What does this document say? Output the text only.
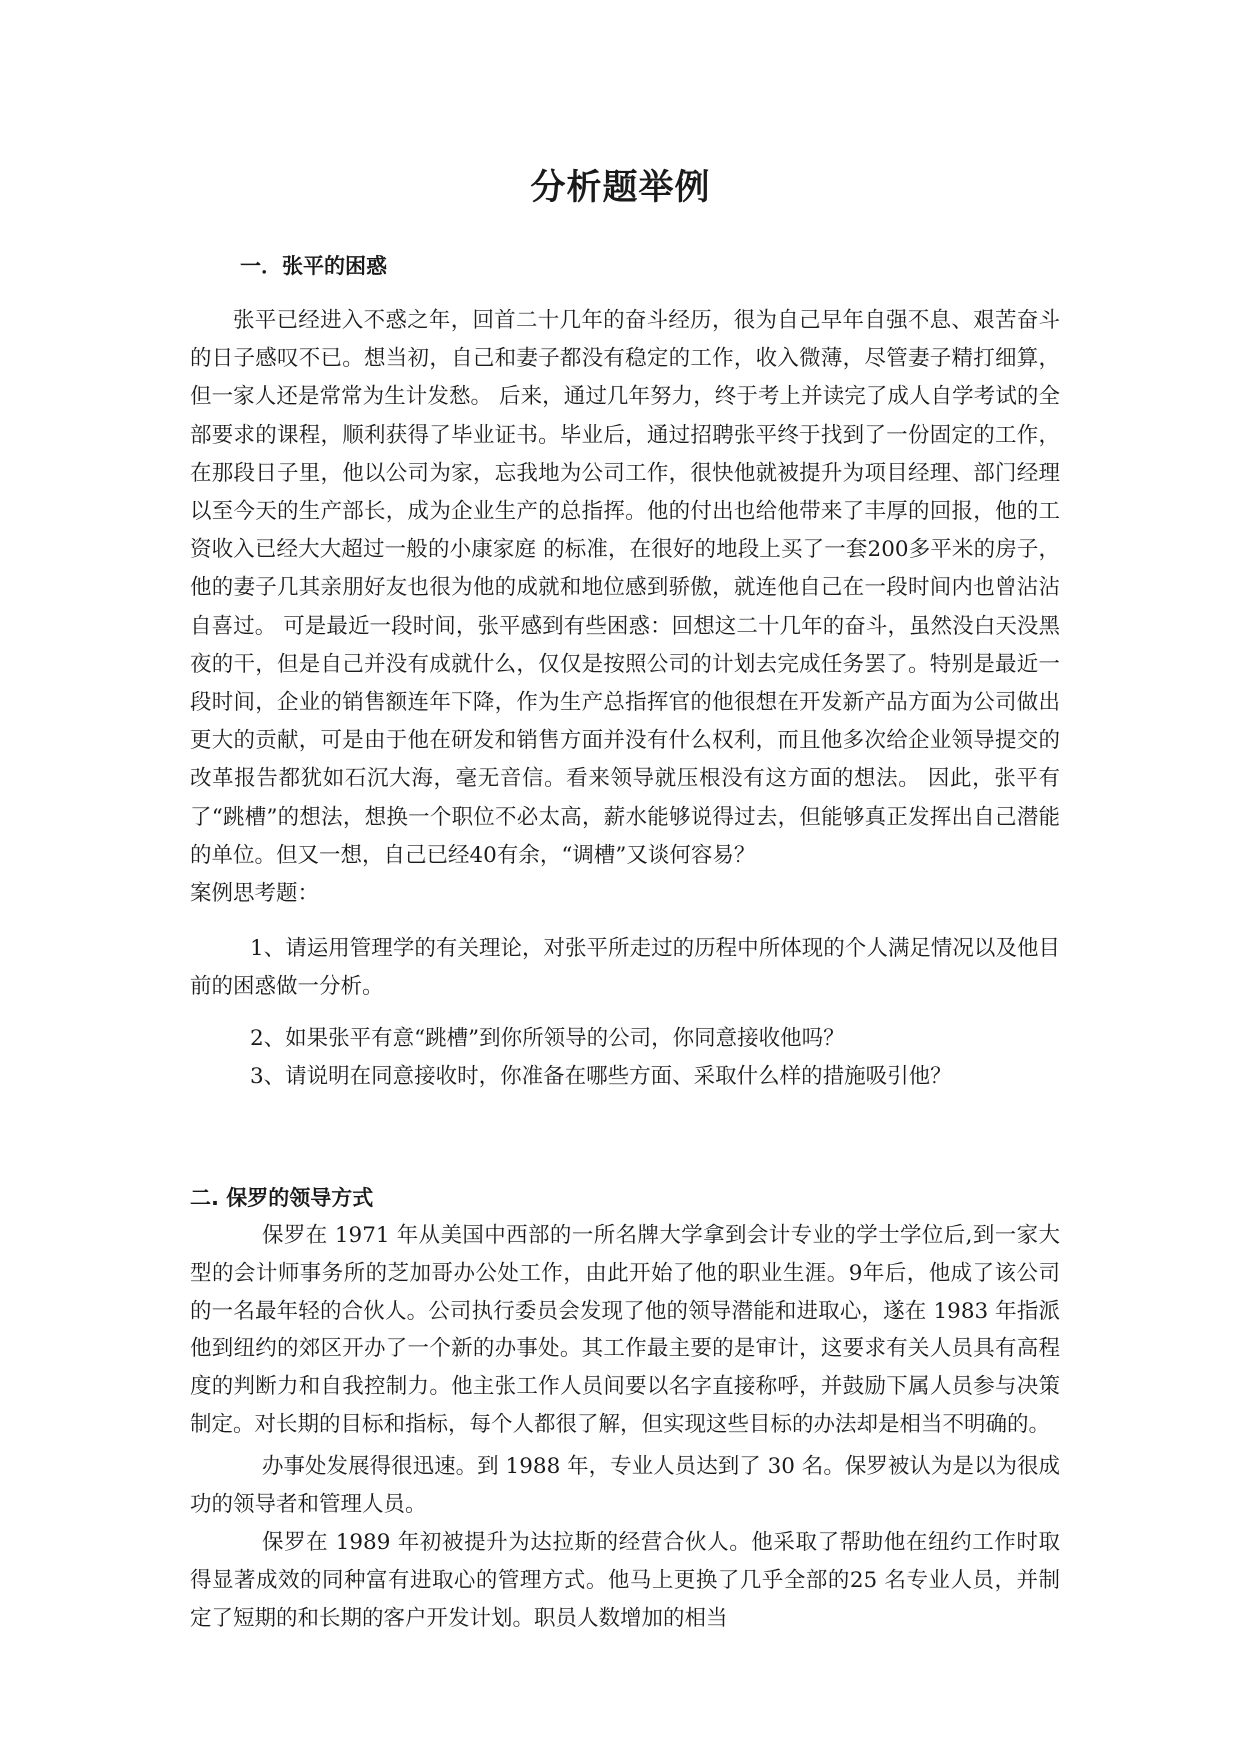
分析题举例
一．张平的困惑

张平已经进入不惑之年，回首二十几年的奋斗经历，很为自己早年自强不息、艰苦奋斗的日子感叹不已。想当初，自己和妻子都没有稳定的工作，收入微薄，尽管妻子精打细算，但一家人还是常常为生计发愁。 后来，通过几年努力，终于考上并读完了成人自学考试的全部要求的课程，顺利获得了毕业证书。毕业后，通过招聘张平终于找到了一份固定的工作，在那段日子里，他以公司为家，忘我地为公司工作，很快他就被提升为项目经理、部门经理以至今天的生产部长，成为企业生产的总指挥。他的付出也给他带来了丰厚的回报，他的工资收入已经大大超过一般的小康家庭 的标准，在很好的地段上买了一套200多平米的房子，他的妻子几其亲朋好友也很为他的成就和地位感到骄傲，就连他自己在一段时间内也曾沾沾自喜过。 可是最近一段时间，张平感到有些困惑：回想这二十几年的奋斗，虽然没白天没黑夜的干，但是自己并没有成就什么，仅仅是按照公司的计划去完成任务罢了。特别是最近一段时间，企业的销售额连年下降，作为生产总指挥官的他很想在开发新产品方面为公司做出更大的贡献，可是由于他在研发和销售方面并没有什么权利，而且他多次给企业领导提交的改革报告都犹如石沉大海，毫无音信。看来领导就压根没有这方面的想法。 因此，张平有了“跳槽”的想法，想换一个职位不必太高，薪水能够说得过去，但能够真正发挥出自己潜能的单位。但又一想，自己已经40有余，“调槽”又谈何容易？

案例思考题：

1、请运用管理学的有关理论，对张平所走过的历程中所体现的个人满足情况以及他目前的困惑做一分析。

2、如果张平有意“跳槽”到你所领导的公司，你同意接收他吗？

3、请说明在同意接收时，你准备在哪些方面、采取什么样的措施吸引他？

二. 保罗的领导方式

保罗在 1971 年从美国中西部的一所名牌大学拿到会计专业的学士学位后,到一家大型的会计师事务所的芝加哥办公处工作，由此开始了他的职业生涯。9年后，他成了该公司的一名最年轻的合伙人。公司执行委员会发现了他的领导潜能和进取心，遂在 1983 年指派他到纽约的郊区开办了一个新的办事处。其工作最主要的是审计，这要求有关人员具有高程度的判断力和自我控制力。他主张工作人员间要以名字直接称呼，并鼓励下属人员参与决策制定。对长期的目标和指标，每个人都很了解，但实现这些目标的办法却是相当不明确的。

办事处发展得很迅速。到 1988 年，专业人员达到了 30 名。保罗被认为是以为很成功的领导者和管理人员。

保罗在 1989 年初被提升为达拉斯的经营合伙人。他采取了帮助他在纽约工作时取得显著成效的同种富有进取心的管理方式。他马上更换了几乎全部的25 名专业人员，并制定了短期的和长期的客户开发计划。职员人数增加的相当
